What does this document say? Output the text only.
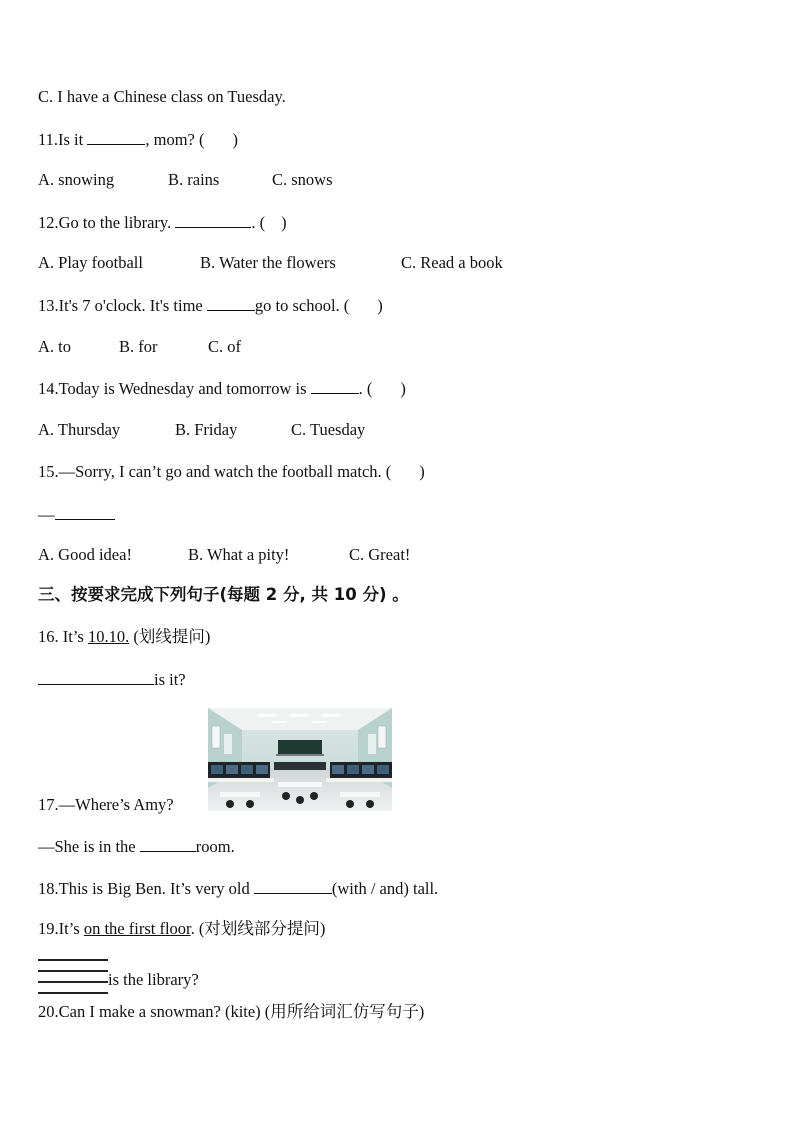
C. I have a Chinese class on Tuesday.
11.Is it	, mom? ( )
A. snowing	B. rains	C. snows
12.Go to the library.	. ( )
A. Play football	B. Water the flowers	C. Read a book
13.It's 7 o'clock. It's time	go to school. ( )
A. to	B. for	C. of
14.Today is Wednesday and tomorrow is	. ( )
A. Thursday	B. Friday	C. Tuesday
15.—Sorry, I can’t go and watch the football match. ( )
—
A. Good idea!	B. What a pity!	C. Great!
三、按要求完成下列句子(每题 2 分, 共 10 分) 。
16. It’s 10.10. (划线提问)
is it?
17.—Where’s Amy?
—She is in the	room.
18.This is Big Ben. It’s very old	(with / and) tall.
19.It’s on the first floor. (对划线部分提问)
is the library?
20.Can I make a snowman? (kite) (用所给词汇仿写句子)
